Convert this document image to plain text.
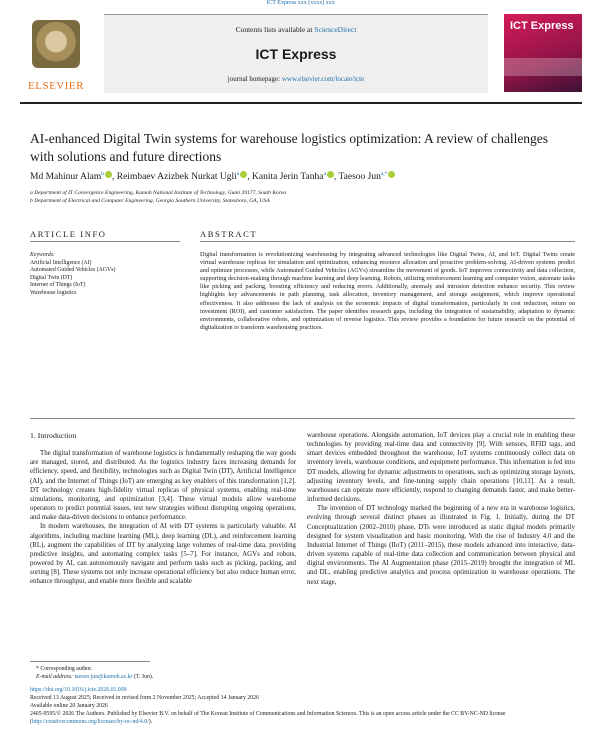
ICT Express xxx (xxxx) xxx
ELSEVIER
Contents lists available at ScienceDirect
ICT Express
journal homepage: www.elsevier.com/locate/icte
ICT Express
AI-enhanced Digital Twin systems for warehouse logistics optimization: A review of challenges with solutions and future directions
Md Mahinur Alam$^b$ , Reimbaev Azizbek Nurkat Ugli$^a$ , Kanita Jerin Tanha$^a$ , Taesoo Jun$^{a,*}$
a Department of IT Convergence Engineering, Kumoh National Institute of Technology, Gumi 39177, South Korea
b Department of Electrical and Computer Engineering, Georgia Southern University, Statesboro, GA, USA
ARTICLE INFO	ABSTRACT
Keywords:
Artificial Intelligence (AI)
Automated Guided Vehicles (AGVs)
Digital Twin (DT)
Internet of Things (IoT)
Warehouse logistics
Digital transformation is revolutionizing warehousing by integrating advanced technologies like Digital Twins, AI, and IoT. Digital Twins create virtual warehouse replicas for simulation and optimization, enhancing resource allocation and proactive problem-solving. AI-driven systems predict and optimize processes, while Automated Guided Vehicles (AGVs) streamline the movement of goods. IoT improves connectivity and data collection, supporting decision-making through machine learning and deep learning. Robots, utilizing reinforcement learning and computer vision, automate tasks like picking and packing, boosting efficiency and reducing errors. Additionally, anomaly and intrusion detection enhance security. This review highlights key advancements in path planning, task allocation, inventory management, and storage assignment, which improve operational effectiveness. It also addresses the lack of analysis on the economic impacts of digital transformation, particularly in cost reduction, return on investment (ROI), and customer satisfaction. The paper identifies research gaps, including the integration of sustainability, adaptation to dynamic environments, collaborative robots, and optimization of reverse logistics. This review provides a foundation for future research on the potential of digitalization to transform warehousing practices.

1. Introduction

The digital transformation of warehouse logistics is fundamentally reshaping the way goods are managed, stored, and distributed. As the logistics industry faces increasing demands for efficiency, speed, and flexibility, technologies such as Digital Twin (DT), Artificial Intelligence (AI), and the Internet of Things (IoT) are emerging as key enablers of this transformation [1,2]. DT technology creates high-fidelity virtual replicas of physical systems, enabling real-time simulations, monitoring, and optimization [3,4]. These virtual models allow warehouse operators to predict potential issues, test new strategies without disrupting ongoing operations, and make data-driven decisions to enhance performance.

In modern warehouses, the integration of AI with DT systems is particularly valuable. AI algorithms, including machine learning (ML), deep learning (DL), and reinforcement learning (RL), augment the capabilities of DT by analyzing large volumes of real-time data, providing predictive insights, and automating complex tasks [5–7]. For instance, AGVs and robots, powered by AI, can autonomously navigate and perform tasks such as picking, packing, and sorting [8]. These systems not only increase operational efficiency but also reduce human error, enhance throughput, and enable more flexible and scalable

warehouse operations. Alongside automation, IoT devices play a crucial role in enabling these technologies by providing real-time data and connectivity [9]. With sensors, RFID tags, and smart devices embedded throughout the warehouse, IoT systems continuously collect data on inventory levels, warehouse conditions, and equipment performance. This information is fed into DT models, allowing for dynamic adjustments to operations, such as optimizing storage layouts, adjusting inventory levels, and fine-tuning supply chain operations [10,11]. As a result, warehouses can operate more efficiently, respond to changing demands faster, and make better-informed decisions.

The invention of DT technology marked the beginning of a new era in warehouse logistics, evolving through several distinct phases as illustrated in Fig. 1. Initially, during the DT Conceptualization (2002–2010) phase, DTs were introduced as static digital models primarily designed for system visualization and basic monitoring. With the rise of Industry 4.0 and the Industrial Internet of Things (IIoT) (2011–2015), these models advanced into interactive, data-driven systems capable of real-time data collection and communication between physical and digital environments. The AI Augmentation phase (2015–2019) brought the integration of ML and DL, enabling predictive analytics and process optimization in warehouse operations. The next stage,

* Corresponding author.
E-mail address: taesoo.jun@kumoh.ac.kr (T. Jun).
https://doi.org/10.1016/j.icte.2026.01.009
Received 13 August 2025; Received in revised form 2 November 2025; Accepted 14 January 2026
Available online 20 January 2026
2405-9595/© 2026 The Authors. Published by Elsevier B.V. on behalf of The Korean Institute of Communications and Information Sciences. This is an open access article under the CC BY-NC-ND license (http://creativecommons.org/licenses/by-nc-nd/4.0/).
